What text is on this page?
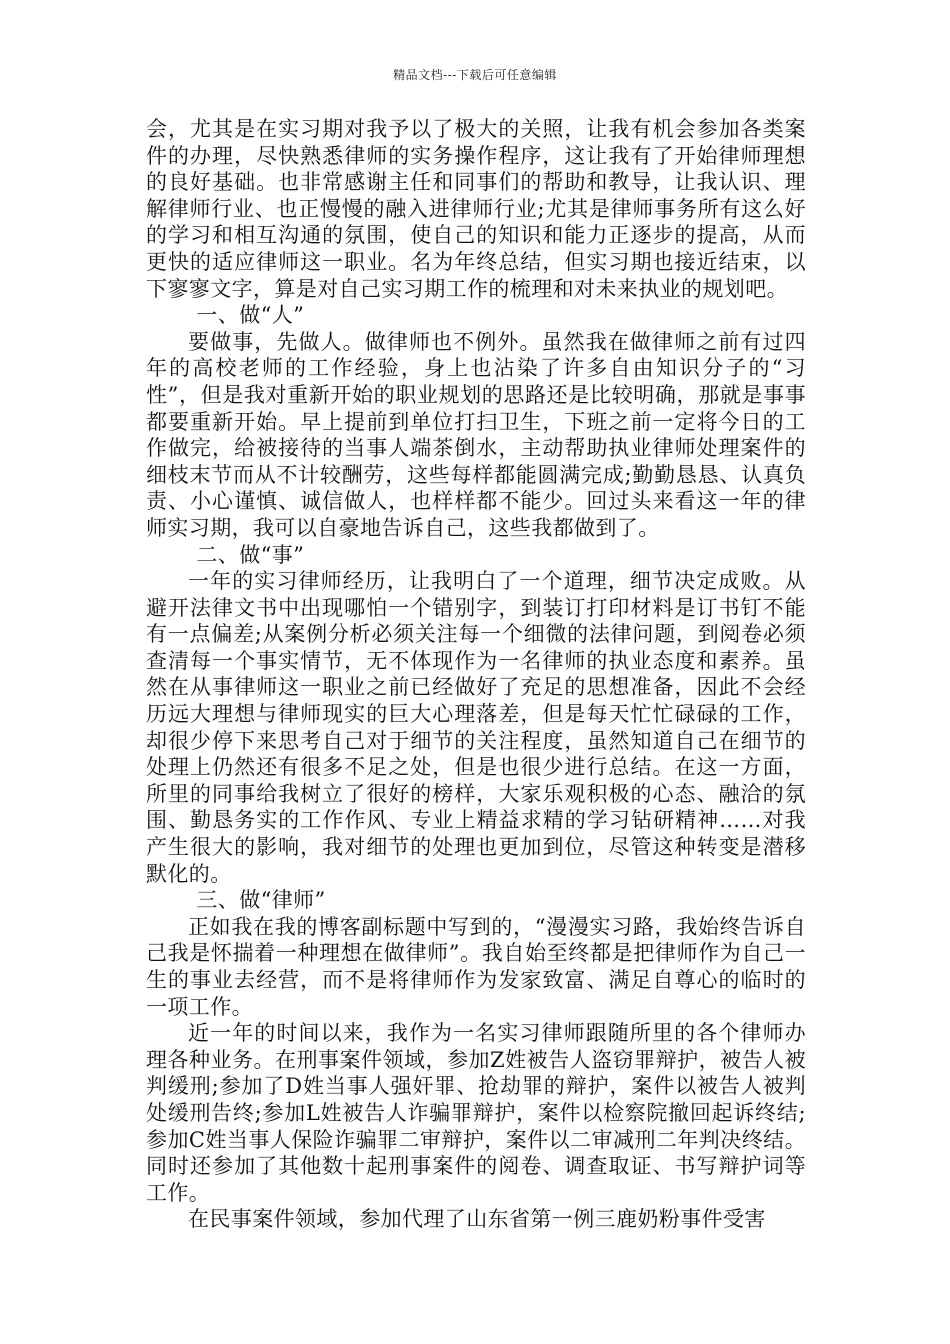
精品文档---下载后可任意编辑

会，尤其是在实习期对我予以了极大的关照，让我有机会参加各类案件的办理，尽快熟悉律师的实务操作程序，这让我有了开始律师理想的良好基础。也非常感谢主任和同事们的帮助和教导，让我认识、理解律师行业、也正慢慢的融入进律师行业;尤其是律师事务所有这么好的学习和相互沟通的氛围，使自己的知识和能力正逐步的提高，从而更快的适应律师这一职业。名为年终总结，但实习期也接近结束，以下寥寥文字，算是对自己实习期工作的梳理和对未来执业的规划吧。

一、做“人”

要做事，先做人。做律师也不例外。虽然我在做律师之前有过四年的高校老师的工作经验，身上也沾染了许多自由知识分子的“习性”，但是我对重新开始的职业规划的思路还是比较明确，那就是事事都要重新开始。早上提前到单位打扫卫生，下班之前一定将今日的工作做完，给被接待的当事人端茶倒水，主动帮助执业律师处理案件的细枝末节而从不计较酬劳，这些每样都能圆满完成;勤勤恳恳、认真负责、小心谨慎、诚信做人，也样样都不能少。回过头来看这一年的律师实习期，我可以自豪地告诉自己，这些我都做到了。

二、做“事”

一年的实习律师经历，让我明白了一个道理，细节决定成败。从避开法律文书中出现哪怕一个错别字，到装订打印材料是订书钉不能有一点偏差;从案例分析必须关注每一个细微的法律问题，到阅卷必须查清每一个事实情节，无不体现作为一名律师的执业态度和素养。虽然在从事律师这一职业之前已经做好了充足的思想准备，因此不会经历远大理想与律师现实的巨大心理落差，但是每天忙忙碌碌的工作，却很少停下来思考自己对于细节的关注程度，虽然知道自己在细节的处理上仍然还有很多不足之处，但是也很少进行总结。在这一方面，所里的同事给我树立了很好的榜样，大家乐观积极的心态、融洽的氛围、勤恳务实的工作作风、专业上精益求精的学习钻研精神……对我产生很大的影响，我对细节的处理也更加到位，尽管这种转变是潜移默化的。

三、做“律师”

正如我在我的博客副标题中写到的，“漫漫实习路，我始终告诉自己我是怀揣着一种理想在做律师”。我自始至终都是把律师作为自己一生的事业去经营，而不是将律师作为发家致富、满足自尊心的临时的一项工作。

近一年的时间以来，我作为一名实习律师跟随所里的各个律师办理各种业务。在刑事案件领域，参加Z姓被告人盗窃罪辩护，被告人被判缓刑;参加了D姓当事人强奸罪、抢劫罪的辩护，案件以被告人被判处缓刑告终;参加L姓被告人诈骗罪辩护，案件以检察院撤回起诉终结;参加C姓当事人保险诈骗罪二审辩护，案件以二审减刑二年判决终结。同时还参加了其他数十起刑事案件的阅卷、调查取证、书写辩护词等工作。

在民事案件领域，参加代理了山东省第一例三鹿奶粉事件受害
